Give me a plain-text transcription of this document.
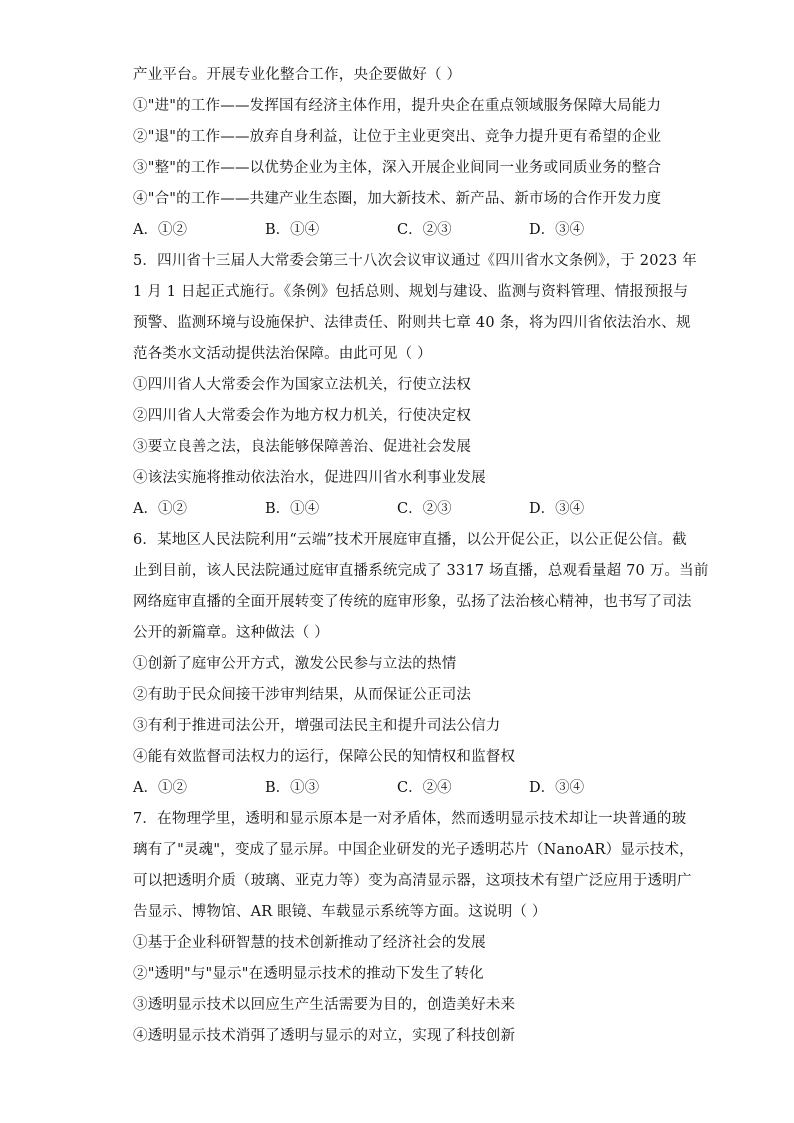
产业平台。开展专业化整合工作，央企要做好（ ）
①"进"的工作——发挥国有经济主体作用，提升央企在重点领域服务保障大局能力
②"退"的工作——放弃自身利益，让位于主业更突出、竞争力提升更有希望的企业
③"整"的工作——以优势企业为主体，深入开展企业间同一业务或同质业务的整合
④"合"的工作——共建产业生态圈，加大新技术、新产品、新市场的合作开发力度
A．①②	B．①④	C．②③	D．③④
5．四川省十三届人大常委会第三十八次会议审议通过《四川省水文条例》，于 2023 年
1 月 1 日起正式施行。《条例》包括总则、规划与建设、监测与资料管理、情报预报与
预警、监测环境与设施保护、法律责任、附则共七章 40 条，将为四川省依法治水、规
范各类水文活动提供法治保障。由此可见（ ）
①四川省人大常委会作为国家立法机关，行使立法权
②四川省人大常委会作为地方权力机关，行使决定权
③要立良善之法，良法能够保障善治、促进社会发展
④该法实施将推动依法治水，促进四川省水利事业发展
A．①②	B．①④	C．②③	D．③④
6．某地区人民法院利用“云端”技术开展庭审直播，以公开促公正，以公正促公信。截
止到目前，该人民法院通过庭审直播系统完成了 3317 场直播，总观看量超 70 万。当前
网络庭审直播的全面开展转变了传统的庭审形象，弘扬了法治核心精神，也书写了司法
公开的新篇章。这种做法（ ）
①创新了庭审公开方式，激发公民参与立法的热情
②有助于民众间接干涉审判结果，从而保证公正司法
③有利于推进司法公开，增强司法民主和提升司法公信力
④能有效监督司法权力的运行，保障公民的知情权和监督权
A．①②	B．①③	C．②④	D．③④
7．在物理学里，透明和显示原本是一对矛盾体，然而透明显示技术却让一块普通的玻
璃有了"灵魂"，变成了显示屏。中国企业研发的光子透明芯片（NanoAR）显示技术，
可以把透明介质（玻璃、亚克力等）变为高清显示器，这项技术有望广泛应用于透明广
告显示、博物馆、AR 眼镜、车载显示系统等方面。这说明（ ）
①基于企业科研智慧的技术创新推动了经济社会的发展
②"透明"与"显示"在透明显示技术的推动下发生了转化
③透明显示技术以回应生产生活需要为目的，创造美好未来
④透明显示技术消弭了透明与显示的对立，实现了科技创新
